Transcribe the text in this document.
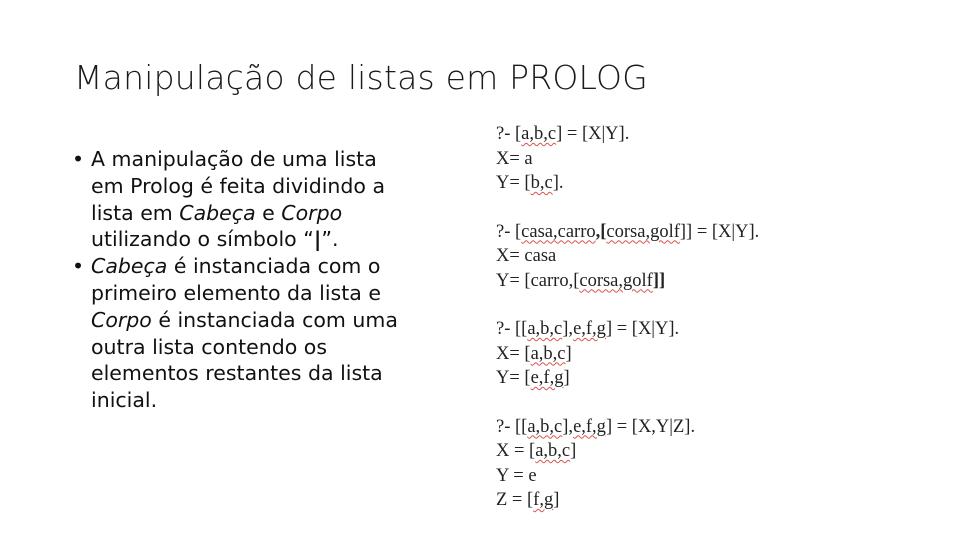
Manipulação de listas em PROLOG
• A manipulação de uma lista em Prolog é feita dividindo a lista em Cabeça e Corpo utilizando o símbolo “|”.
• Cabeça é instanciada com o primeiro elemento da lista e Corpo é instanciada com uma outra lista contendo os elementos restantes da lista inicial.
?- [a,b,c] = [X|Y].
X= a
Y= [b,c].
?- [casa,carro,[corsa,golf]] = [X|Y].
X= casa
Y= [carro,[corsa,golf]]
?- [[a,b,c],e,f,g] = [X|Y].
X= [a,b,c]
Y= [e,f,g]
?- [[a,b,c],e,f,g] = [X,Y|Z].
X = [a,b,c]
Y = e
Z = [f,g]
